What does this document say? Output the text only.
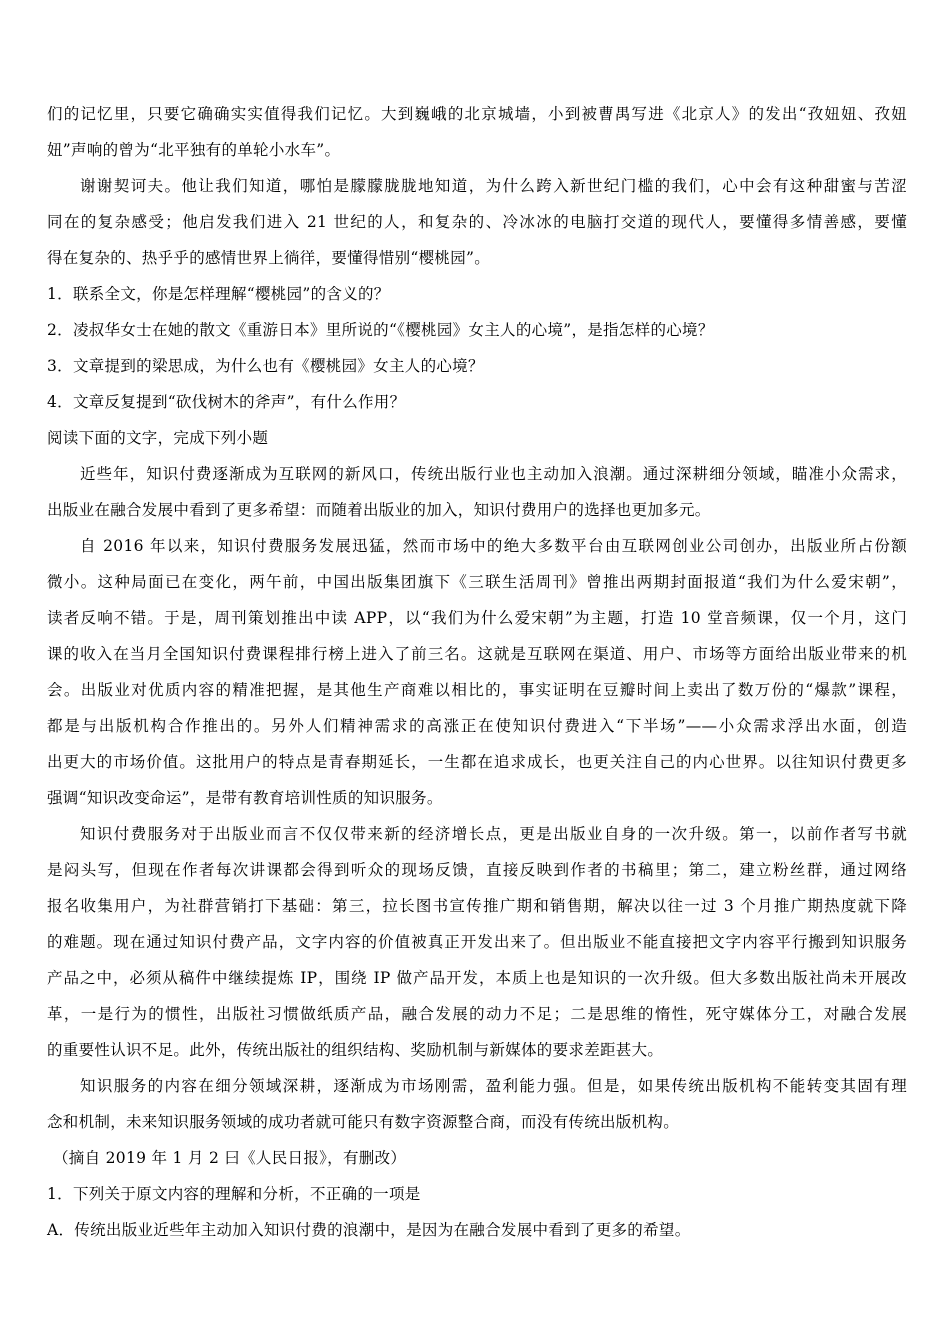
们的记忆里，只要它确确实实值得我们记忆。大到巍峨的北京城墙，小到被曹禺写进《北京人》的发出“孜妞妞、孜妞
妞”声响的曾为“北平独有的单轮小水车”。
谢谢契诃夫。他让我们知道，哪怕是朦朦胧胧地知道，为什么跨入新世纪门槛的我们，心中会有这种甜蜜与苦涩
同在的复杂感受；他启发我们进入 21 世纪的人，和复杂的、冷冰冰的电脑打交道的现代人，要懂得多情善感，要懂
得在复杂的、热乎乎的感情世界上徜徉，要懂得惜别“樱桃园”。
1．联系全文，你是怎样理解“樱桃园”的含义的？
2．凌叔华女士在她的散文《重游日本》里所说的“《樱桃园》女主人的心境”，是指怎样的心境？
3．文章提到的梁思成，为什么也有《樱桃园》女主人的心境？
4．文章反复提到“砍伐树木的斧声”，有什么作用？
阅读下面的文字，完成下列小题
近些年，知识付费逐渐成为互联网的新风口，传统出版行业也主动加入浪潮。通过深耕细分领域，瞄准小众需求，
出版业在融合发展中看到了更多希望：而随着出版业的加入，知识付费用户的选择也更加多元。
自 2016 年以来，知识付费服务发展迅猛，然而市场中的绝大多数平台由互联网创业公司创办，出版业所占份额
微小。这种局面已在变化，两午前，中国出版集团旗下《三联生活周刊》曾推出两期封面报道“我们为什么爱宋朝”，
读者反响不错。于是，周刊策划推出中读 APP，以“我们为什么爱宋朝”为主题，打造 10 堂音频课，仅一个月，这门
课的收入在当月全国知识付费课程排行榜上进入了前三名。这就是互联网在渠道、用户、市场等方面给出版业带来的机
会。出版业对优质内容的精准把握，是其他生产商难以相比的，事实证明在豆瓣时间上卖出了数万份的“爆款”课程，
都是与出版机构合作推出的。另外人们精神需求的高涨正在使知识付费进入“下半场”——小众需求浮出水面，创造
出更大的市场价值。这批用户的特点是青春期延长，一生都在追求成长，也更关注自己的内心世界。以往知识付费更多
强调“知识改变命运”，是带有教育培训性质的知识服务。
知识付费服务对于出版业而言不仅仅带来新的经济增长点，更是出版业自身的一次升级。第一，以前作者写书就
是闷头写，但现在作者每次讲课都会得到听众的现场反馈，直接反映到作者的书稿里；第二，建立粉丝群，通过网络
报名收集用户，为社群营销打下基础：第三，拉长图书宣传推广期和销售期，解决以往一过 3 个月推广期热度就下降
的难题。现在通过知识付费产品，文字内容的价值被真正开发出来了。但出版业不能直接把文字内容平行搬到知识服务
产品之中，必须从稿件中继续提炼 IP，围绕 IP 做产品开发，本质上也是知识的一次升级。但大多数出版社尚未开展改
革，一是行为的惯性，出版社习惯做纸质产品，融合发展的动力不足；二是思维的惰性，死守媒体分工，对融合发展
的重要性认识不足。此外，传统出版社的组织结构、奖励机制与新媒体的要求差距甚大。
知识服务的内容在细分领域深耕，逐渐成为市场刚需，盈利能力强。但是，如果传统出版机构不能转变其固有理
念和机制，未来知识服务领域的成功者就可能只有数字资源整合商，而没有传统出版机构。
（摘自 2019 年 1 月 2 曰《人民日报》，有删改）
1．下列关于原文内容的理解和分析，不正确的一项是
A．传统出版业近些年主动加入知识付费的浪潮中，是因为在融合发展中看到了更多的希望。
